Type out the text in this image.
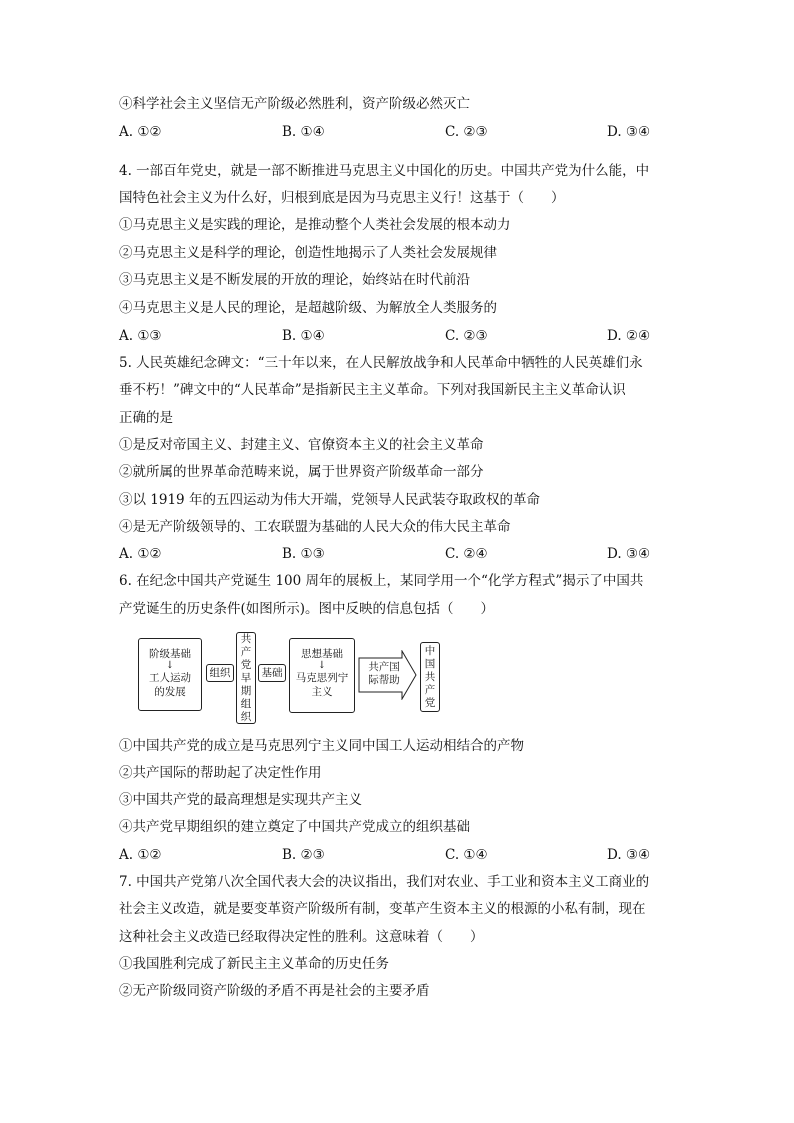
④科学社会主义坚信无产阶级必然胜利，资产阶级必然灭亡
A. ①②	B. ①④	C. ②③	D. ③④
4. 一部百年党史，就是一部不断推进马克思主义中国化的历史。中国共产党为什么能，中
国特色社会主义为什么好，归根到底是因为马克思主义行！这基于（　　）
①马克思主义是实践的理论，是推动整个人类社会发展的根本动力
②马克思主义是科学的理论，创造性地揭示了人类社会发展规律
③马克思主义是不断发展的开放的理论，始终站在时代前沿
④马克思主义是人民的理论，是超越阶级、为解放全人类服务的
A. ①③	B. ①④	C. ②③	D. ②④
5. 人民英雄纪念碑文：“三十年以来，在人民解放战争和人民革命中牺牲的人民英雄们永
垂不朽！”碑文中的“人民革命”是指新民主主义革命。下列对我国新民主主义革命认识
正确的是
①是反对帝国主义、封建主义、官僚资本主义的社会主义革命
②就所属的世界革命范畴来说，属于世界资产阶级革命一部分
③以 1919 年的五四运动为伟大开端，党领导人民武装夺取政权的革命
④是无产阶级领导的、工农联盟为基础的人民大众的伟大民主革命
A. ①②	B. ①③	C. ②④	D. ③④
6. 在纪念中国共产党诞生 100 周年的展板上，某同学用一个“化学方程式”揭示了中国共
产党诞生的历史条件(如图所示)。图中反映的信息包括（　　）
阶级基础
↓
工人运动
的发展
组织
共
产
党
早
期
组
织
基础
思想基础
↓
马克思列宁
主义
共产国
际帮助
中
国
共
产
党
①中国共产党的成立是马克思列宁主义同中国工人运动相结合的产物
②共产国际的帮助起了决定性作用
③中国共产党的最高理想是实现共产主义
④共产党早期组织的建立奠定了中国共产党成立的组织基础
A. ①②	B. ②③	C. ①④	D. ③④
7. 中国共产党第八次全国代表大会的决议指出，我们对农业、手工业和资本主义工商业的
社会主义改造，就是要变革资产阶级所有制，变革产生资本主义的根源的小私有制，现在
这种社会主义改造已经取得决定性的胜利。这意味着（　　）
①我国胜利完成了新民主主义革命的历史任务
②无产阶级同资产阶级的矛盾不再是社会的主要矛盾
